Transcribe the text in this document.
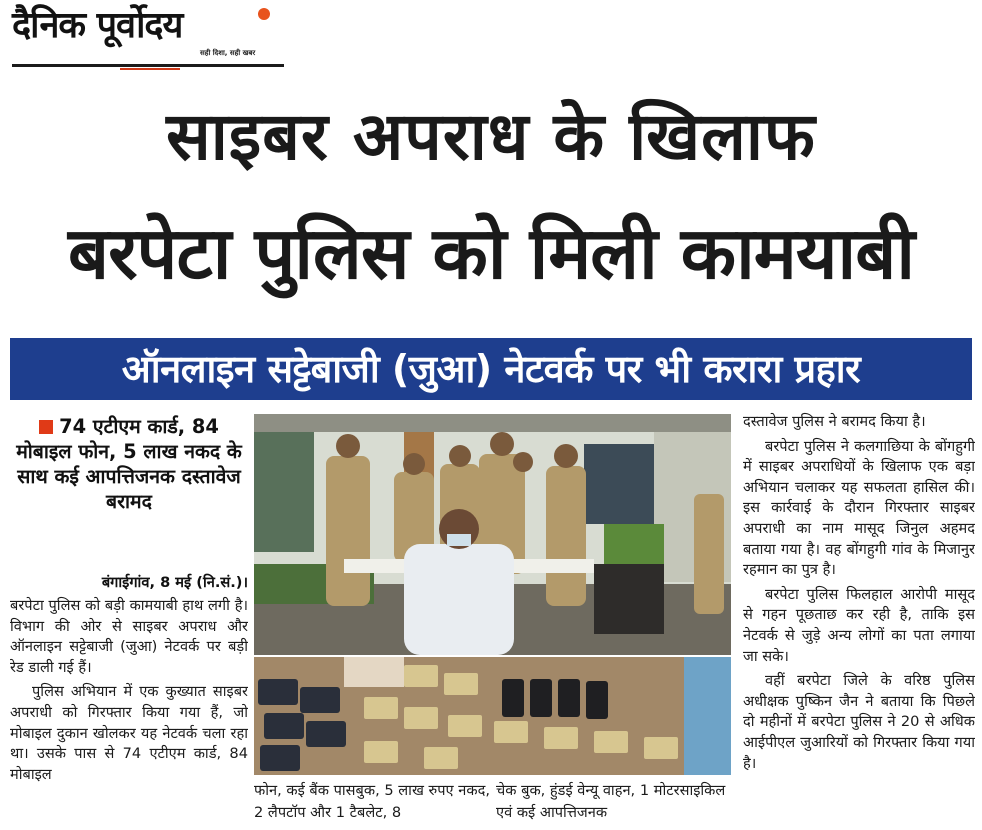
दैनिक पूर्वोदय
सही दिशा, सही खबर
साइबर अपराध के खिलाफ
बरपेटा पुलिस को मिली कामयाबी
ऑनलाइन सट्टेबाजी (जुआ) नेटवर्क पर भी करारा प्रहार
74 एटीएम कार्ड, 84 मोबाइल फोन, 5 लाख नकद के साथ कई आपत्तिजनक दस्तावेज बरामद
बंगाईगांव, 8 मई (नि.सं.)।

बरपेटा पुलिस को बड़ी कामयाबी हाथ लगी है। विभाग की ओर से साइबर अपराध और ऑनलाइन सट्टेबाजी (जुआ) नेटवर्क पर बड़ी रेड डाली गई हैं।

पुलिस अभियान में एक कुख्यात साइबर अपराधी को गिरफ्तार किया गया हैं, जो मोबाइल दुकान खोलकर यह नेटवर्क चला रहा था। उसके पास से 74 एटीएम कार्ड, 84 मोबाइल

फोन, कई बैंक पासबुक, 5 लाख रुपए नकद, 2 लैपटॉप और 1 टैबलेट, 8
चेक बुक, हुंडई वेन्यू वाहन, 1 मोटरसाइकिल एवं कई आपत्तिजनक

दस्तावेज पुलिस ने बरामद किया है।

बरपेटा पुलिस ने कलगाछिया के बोंगहुगी में साइबर अपराधियों के खिलाफ एक बड़ा अभियान चलाकर यह सफलता हासिल की। इस कार्रवाई के दौरान गिरफ्तार साइबर अपराधी का नाम मासूद जिनुल अहमद बताया गया है। वह बोंगहुगी गांव के मिजानुर रहमान का पुत्र है।

बरपेटा पुलिस फिलहाल आरोपी मासूद से गहन पूछताछ कर रही है, ताकि इस नेटवर्क से जुड़े अन्य लोगों का पता लगाया जा सके।

वहीं बरपेटा जिले के वरिष्ठ पुलिस अधीक्षक पुष्किन जैन ने बताया कि पिछले दो महीनों में बरपेटा पुलिस ने 20 से अधिक आईपीएल जुआरियों को गिरफ्तार किया गया है।
